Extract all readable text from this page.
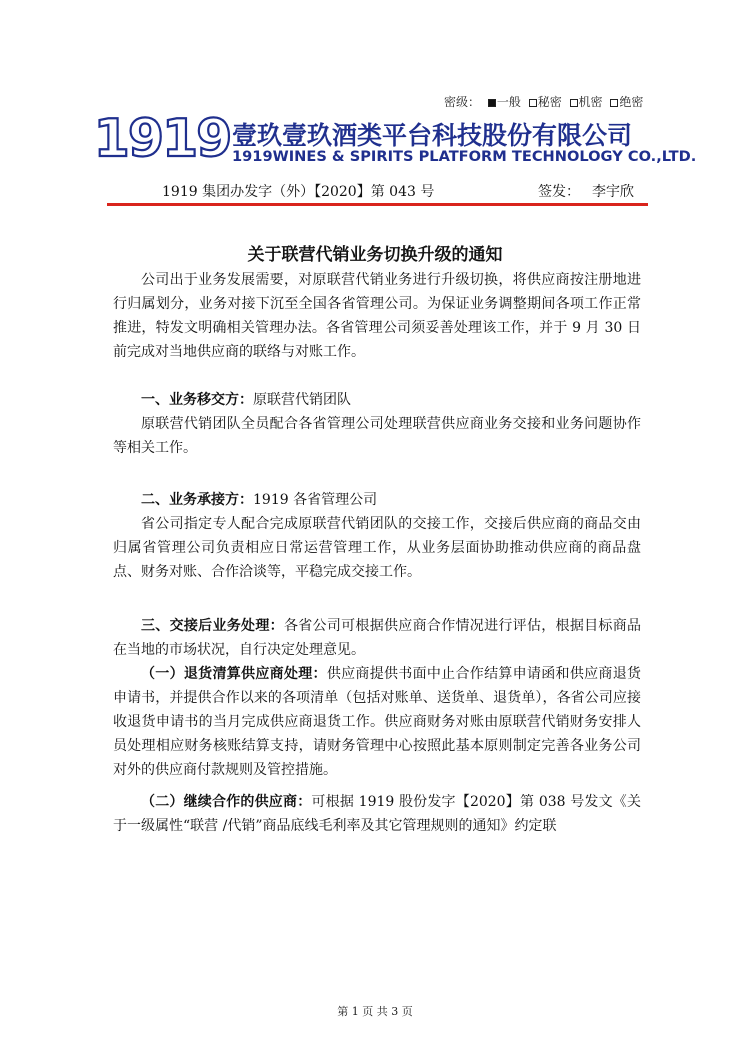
密级： 一般 秘密 机密 绝密
1919 壹玖壹玖酒类平台科技股份有限公司
1919WINES & SPIRITS PLATFORM TECHNOLOGY CO.,LTD.
1919 集团办发字（外）【2020】第 043 号	签发： 李宇欣
关于联营代销业务切换升级的通知

公司出于业务发展需要，对原联营代销业务进行升级切换，将供应商按注册地进行归属划分，业务对接下沉至全国各省管理公司。为保证业务调整期间各项工作正常推进，特发文明确相关管理办法。各省管理公司须妥善处理该工作，并于 9 月 30 日前完成对当地供应商的联络与对账工作。

一、业务移交方：原联营代销团队

原联营代销团队全员配合各省管理公司处理联营供应商业务交接和业务问题协作等相关工作。

二、业务承接方：1919 各省管理公司

省公司指定专人配合完成原联营代销团队的交接工作，交接后供应商的商品交由归属省管理公司负责相应日常运营管理工作，从业务层面协助推动供应商的商品盘点、财务对账、合作洽谈等，平稳完成交接工作。

三、交接后业务处理：各省公司可根据供应商合作情况进行评估，根据目标商品在当地的市场状况，自行决定处理意见。

（一）退货清算供应商处理：供应商提供书面中止合作结算申请函和供应商退货申请书，并提供合作以来的各项清单（包括对账单、送货单、退货单），各省公司应接收退货申请书的当月完成供应商退货工作。供应商财务对账由原联营代销财务安排人员处理相应财务核账结算支持，请财务管理中心按照此基本原则制定完善各业务公司对外的供应商付款规则及管控措施。

（二）继续合作的供应商：可根据 1919 股份发字【2020】第 038 号发文《关于一级属性“联营 /代销”商品底线毛利率及其它管理规则的通知》约定联

第 1 页 共 3 页
